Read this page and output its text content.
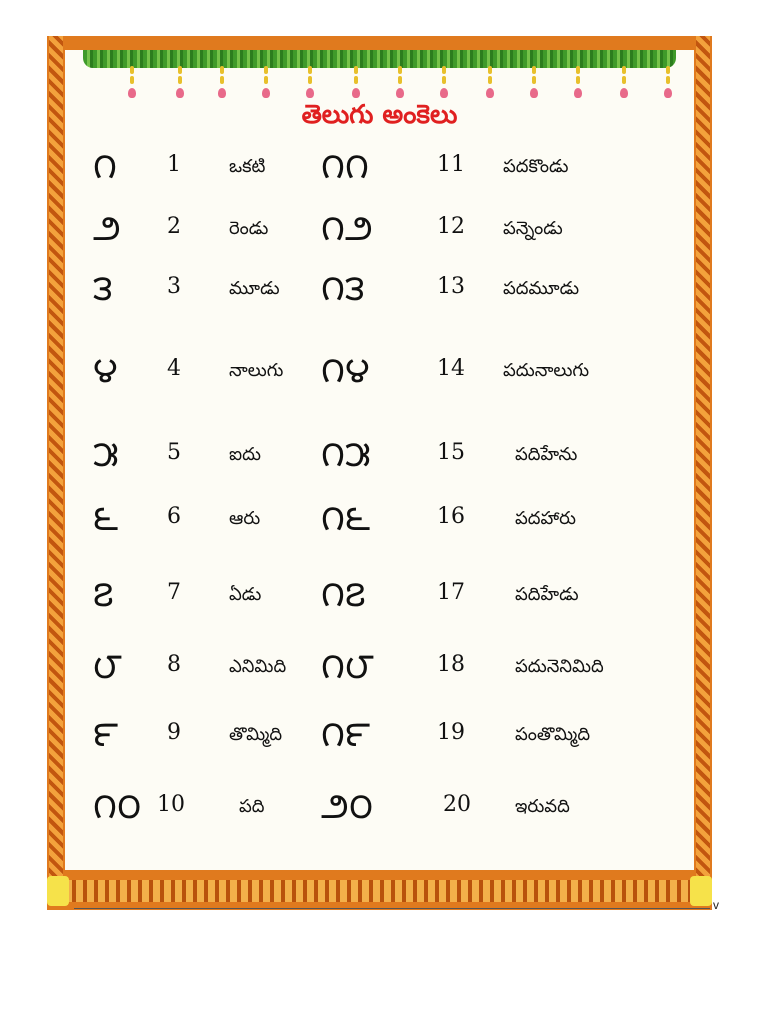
తెలుగు అంకెలు
౧ 1	ఒకటి ౧౧	11 పదకొండు
౨ 2	రెండు ౧౨	12 పన్నెండు
౩ 3	మూడు ౧౩	13 పదమూడు
౪ 4	నాలుగు ౧౪	14 పదునాలుగు
౫ 5	ఐదు ౧౫	15	పదిహేను
౬ 6	ఆరు ౧౬	16	పదహారు
౭ 7	ఏడు ౧౭	17	పదిహేడు
౮ 8	ఎనిమిది ౧౮	18	పదునెనిమిది
౯ 9	తొమ్మిది ౧౯	19	పంతొమ్మిది
౧౦ 10	పది ౨౦	20 ఇరువది
v
